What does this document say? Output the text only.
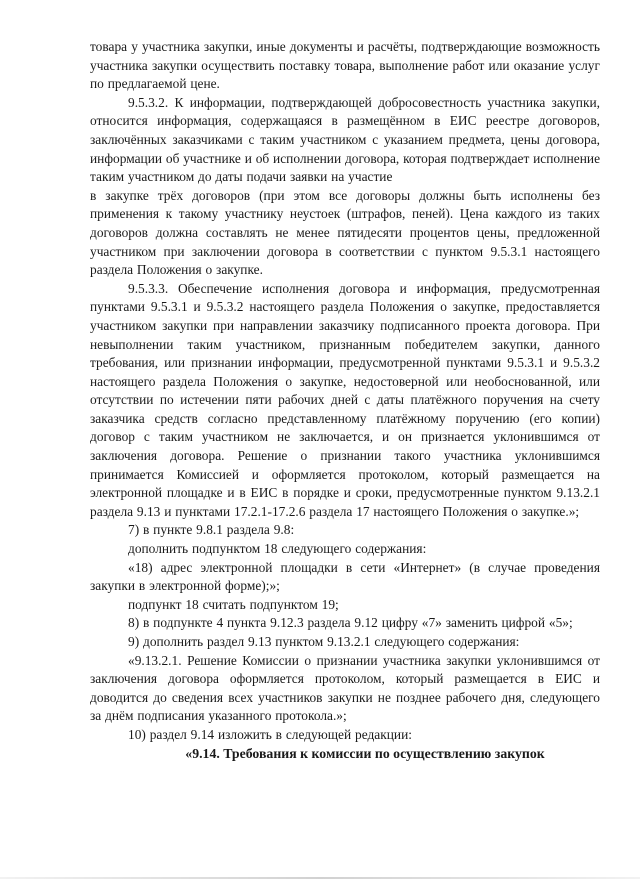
товара у участника закупки, иные документы и расчёты, подтверждающие возможность участника закупки осуществить поставку товара, выполнение работ или оказание услуг по предлагаемой цене.

9.5.3.2. К информации, подтверждающей добросовестность участника закупки, относится информация, содержащаяся в размещённом в ЕИС реестре договоров, заключённых заказчиками с таким участником с указанием предмета, цены договора, информации об участнике и об исполнении договора, которая подтверждает исполнение таким участником до даты подачи заявки на участие

в закупке трёх договоров (при этом все договоры должны быть исполнены без применения к такому участнику неустоек (штрафов, пеней). Цена каждого из таких договоров должна составлять не менее пятидесяти процентов цены, предложенной участником при заключении договора в соответствии с пунктом 9.5.3.1 настоящего раздела Положения о закупке.

9.5.3.3. Обеспечение исполнения договора и информация, предусмотренная пунктами 9.5.3.1 и 9.5.3.2 настоящего раздела Положения о закупке, предоставляется участником закупки при направлении заказчику подписанного проекта договора. При невыполнении таким участником, признанным победителем закупки, данного требования, или признании информации, предусмотренной пунктами 9.5.3.1 и 9.5.3.2 настоящего раздела Положения о закупке, недостоверной или необоснованной, или отсутствии по истечении пяти рабочих дней с даты платёжного поручения на счету заказчика средств согласно представленному платёжному поручению (его копии) договор с таким участником не заключается, и он признается уклонившимся от заключения договора. Решение о признании такого участника уклонившимся принимается Комиссией и оформляется протоколом, который размещается на электронной площадке и в ЕИС в порядке и сроки, предусмотренные пунктом 9.13.2.1 раздела 9.13 и пунктами 17.2.1-17.2.6 раздела 17 настоящего Положения о закупке.»;

7) в пункте 9.8.1 раздела 9.8:

дополнить подпунктом 18 следующего содержания:

«18) адрес электронной площадки в сети «Интернет» (в случае проведения закупки в электронной форме);»;

подпункт 18 считать подпунктом 19;

8) в подпункте 4 пункта 9.12.3 раздела 9.12 цифру «7» заменить цифрой «5»;

9) дополнить раздел 9.13 пунктом 9.13.2.1 следующего содержания:

«9.13.2.1. Решение Комиссии о признании участника закупки уклонившимся от заключения договора оформляется протоколом, который размещается в ЕИС и доводится до сведения всех участников закупки не позднее рабочего дня, следующего за днём подписания указанного протокола.»;

10) раздел 9.14 изложить в следующей редакции:

«9.14. Требования к комиссии по осуществлению закупок
